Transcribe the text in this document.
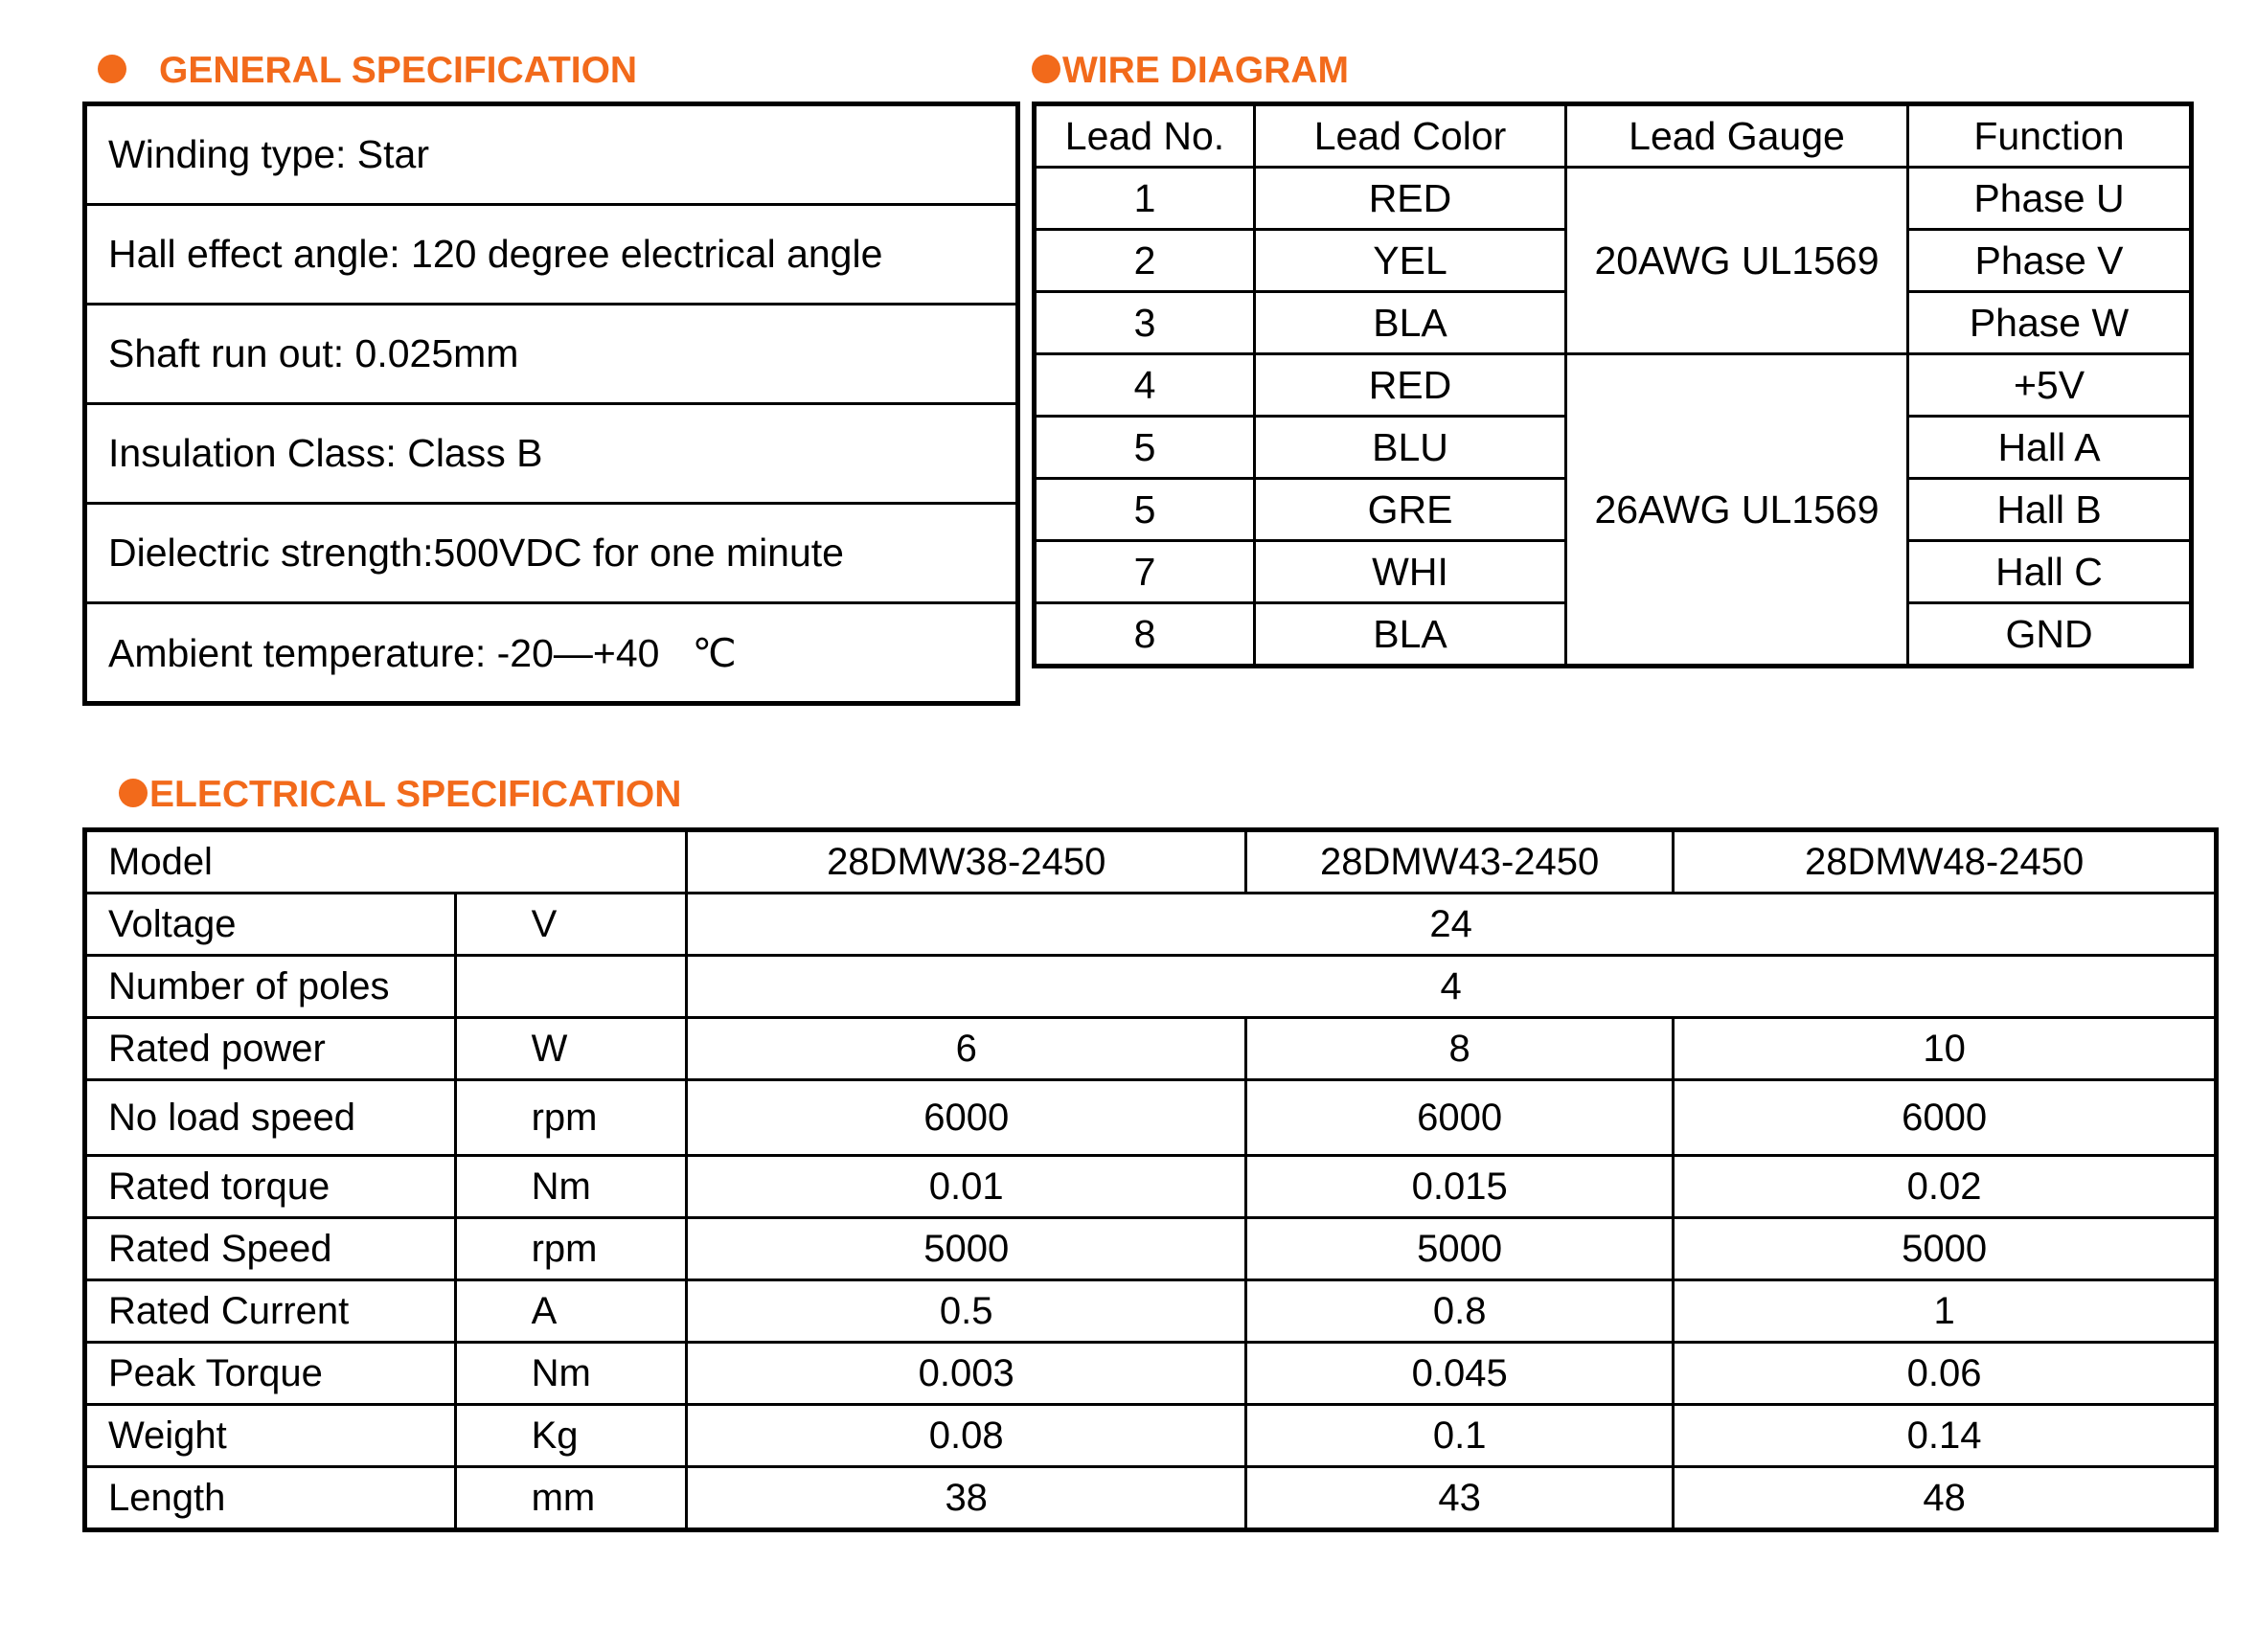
GENERAL SPECIFICATION
Winding type: Star
Hall effect angle: 120 degree electrical angle
Shaft run out: 0.025mm
Insulation Class: Class B
Dielectric strength:500VDC for one minute
Ambient temperature: -20—+40   ℃
WIRE DIAGRAM
Lead No.	Lead Color	Lead Gauge	Function
1	RED	20AWG UL1569	Phase U
2	YEL		Phase V
3	BLA		Phase W
4	RED	26AWG UL1569	+5V
5	BLU		Hall A
5	GRE		Hall B
7	WHI		Hall C
8	BLA		GND
ELECTRICAL SPECIFICATION
Model		28DMW38-2450	28DMW43-2450	28DMW48-2450
Voltage	V	24		
Number of poles		4		
Rated power	W	6	8	10
No load speed	rpm	6000	6000	6000
Rated torque	Nm	0.01	0.015	0.02
Rated Speed	rpm	5000	5000	5000
Rated Current	A	0.5	0.8	1
Peak Torque	Nm	0.003	0.045	0.06
Weight	Kg	0.08	0.1	0.14
Length	mm	38	43	48
